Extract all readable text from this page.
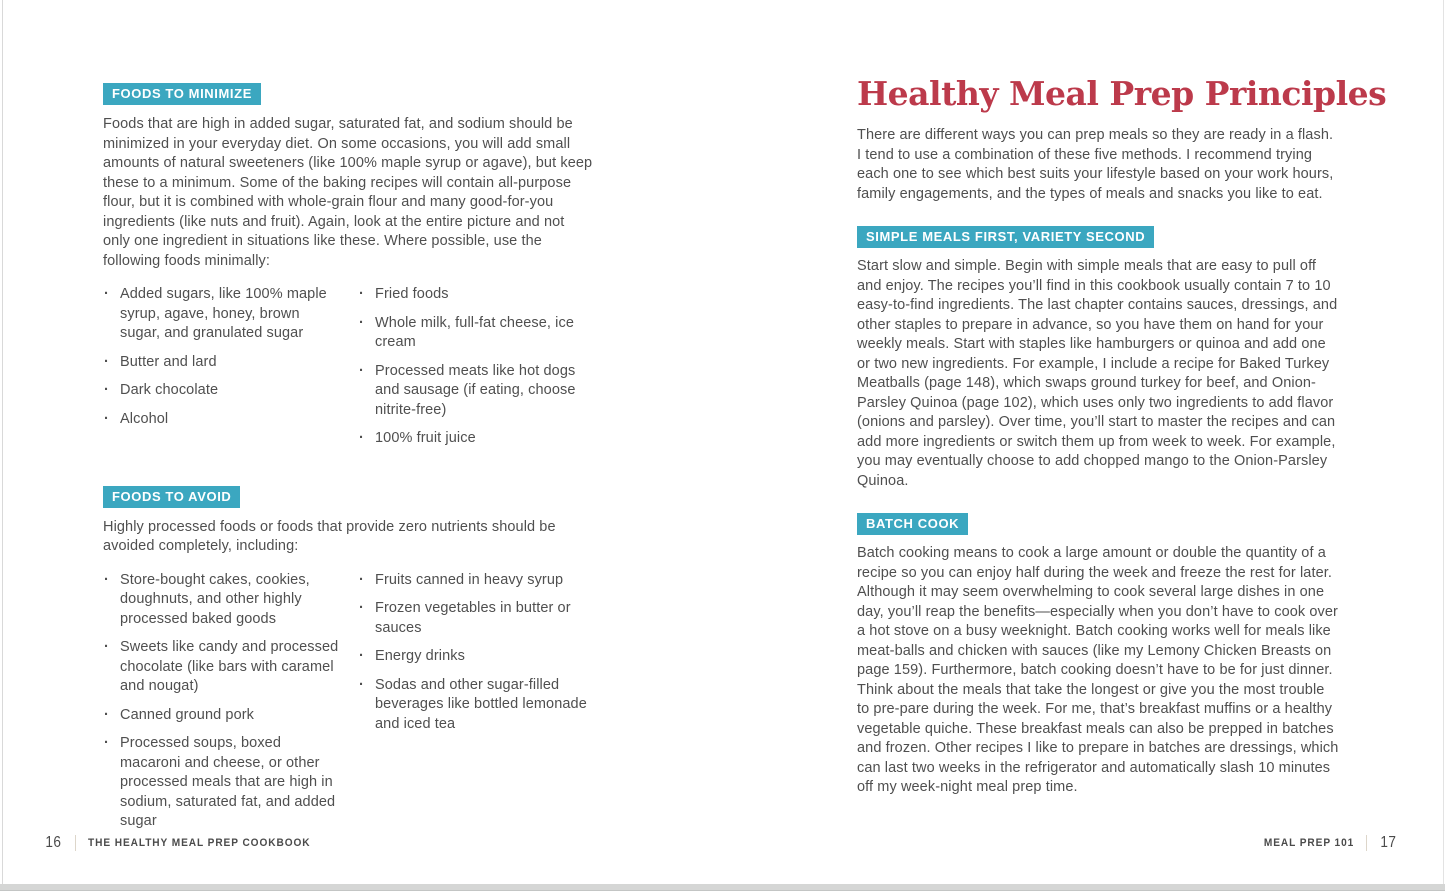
FOODS TO MINIMIZE

Foods that are high in added sugar, saturated fat, and sodium should be minimized in your everyday diet. On some occasions, you will add small amounts of natural sweeteners (like 100% maple syrup or agave), but keep these to a minimum. Some of the baking recipes will contain all-purpose flour, but it is combined with whole-grain flour and many good-for-you ingredients (like nuts and fruit). Again, look at the entire picture and not only one ingredient in situations like these. Where possible, use the following foods minimally:

· Added sugars, like 100% maple syrup, agave, honey, brown sugar, and granulated sugar
· Butter and lard
· Dark chocolate
· Alcohol
· Fried foods
· Whole milk, full-fat cheese, ice cream
· Processed meats like hot dogs and sausage (if eating, choose nitrite-free)
· 100% fruit juice
FOODS TO AVOID

Highly processed foods or foods that provide zero nutrients should be avoided completely, including:

· Store-bought cakes, cookies, doughnuts, and other highly processed baked goods
· Sweets like candy and processed chocolate (like bars with caramel and nougat)
· Canned ground pork
· Processed soups, boxed macaroni and cheese, or other processed meals that are high in sodium, saturated fat, and added sugar
· Fruits canned in heavy syrup
· Frozen vegetables in butter or sauces
· Energy drinks
· Sodas and other sugar-filled beverages like bottled lemonade and iced tea
Healthy Meal Prep Principles

There are different ways you can prep meals so they are ready in a flash. I tend to use a combination of these five methods. I recommend trying each one to see which best suits your lifestyle based on your work hours, family engagements, and the types of meals and snacks you like to eat.

SIMPLE MEALS FIRST, VARIETY SECOND

Start slow and simple. Begin with simple meals that are easy to pull off and enjoy. The recipes you’ll find in this cookbook usually contain 7 to 10 easy-to-find ingredients. The last chapter contains sauces, dressings, and other staples to prepare in advance, so you have them on hand for your weekly meals. Start with staples like hamburgers or quinoa and add one or two new ingredients. For example, I include a recipe for Baked Turkey Meatballs (page 148), which swaps ground turkey for beef, and Onion-Parsley Quinoa (page 102), which uses only two ingredients to add flavor (onions and parsley). Over time, you’ll start to master the recipes and can add more ingredients or switch them up from week to week. For example, you may eventually choose to add chopped mango to the Onion-Parsley Quinoa.

BATCH COOK

Batch cooking means to cook a large amount or double the quantity of a recipe so you can enjoy half during the week and freeze the rest for later. Although it may seem overwhelming to cook several large dishes in one day, you’ll reap the benefits—especially when you don’t have to cook over a hot stove on a busy weeknight. Batch cooking works well for meals like meat-balls and chicken with sauces (like my Lemony Chicken Breasts on page 159). Furthermore, batch cooking doesn’t have to be for just dinner. Think about the meals that take the longest or give you the most trouble to pre-pare during the week. For me, that’s breakfast muffins or a healthy vegetable quiche. These breakfast meals can also be prepped in batches and frozen. Other recipes I like to prepare in batches are dressings, which can last two weeks in the refrigerator and automatically slash 10 minutes off my week-night meal prep time.

16 THE HEALTHY MEAL PREP COOKBOOK	MEAL PREP 101 17
